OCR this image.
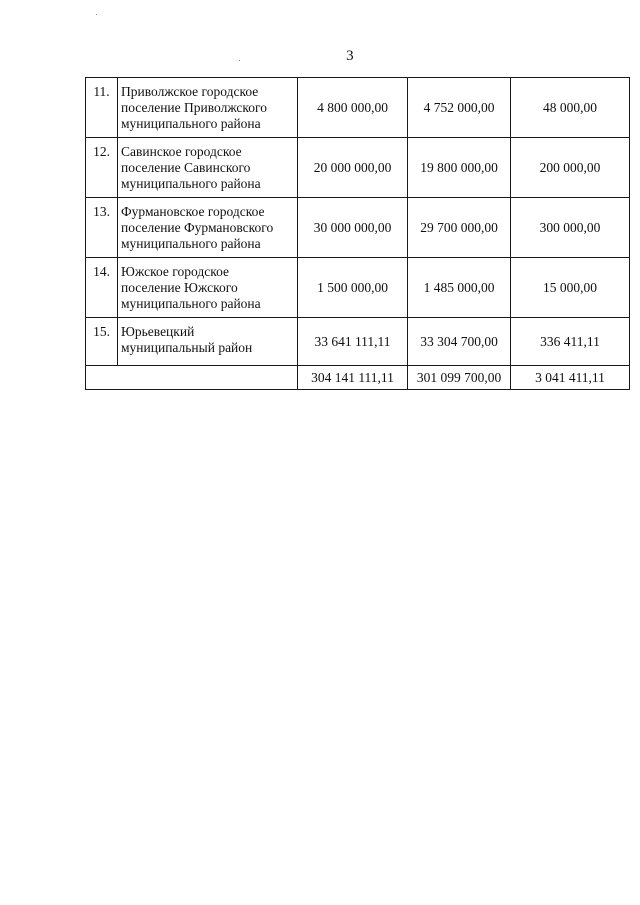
3
11.	Приволжское городское
поселение Приволжского
муниципального района	4 800 000,00	4 752 000,00	48 000,00
12.	Савинское городское
поселение Савинского
муниципального района	20 000 000,00	19 800 000,00	200 000,00
13.	Фурмановское городское
поселение Фурмановского
муниципального района	30 000 000,00	29 700 000,00	300 000,00
14.	Южское городское
поселение Южского
муниципального района	1 500 000,00	1 485 000,00	15 000,00
15.	Юрьевецкий
муниципальный район	33 641 111,11	33 304 700,00	336 411,11
		304 141 111,11	301 099 700,00	3 041 411,11
